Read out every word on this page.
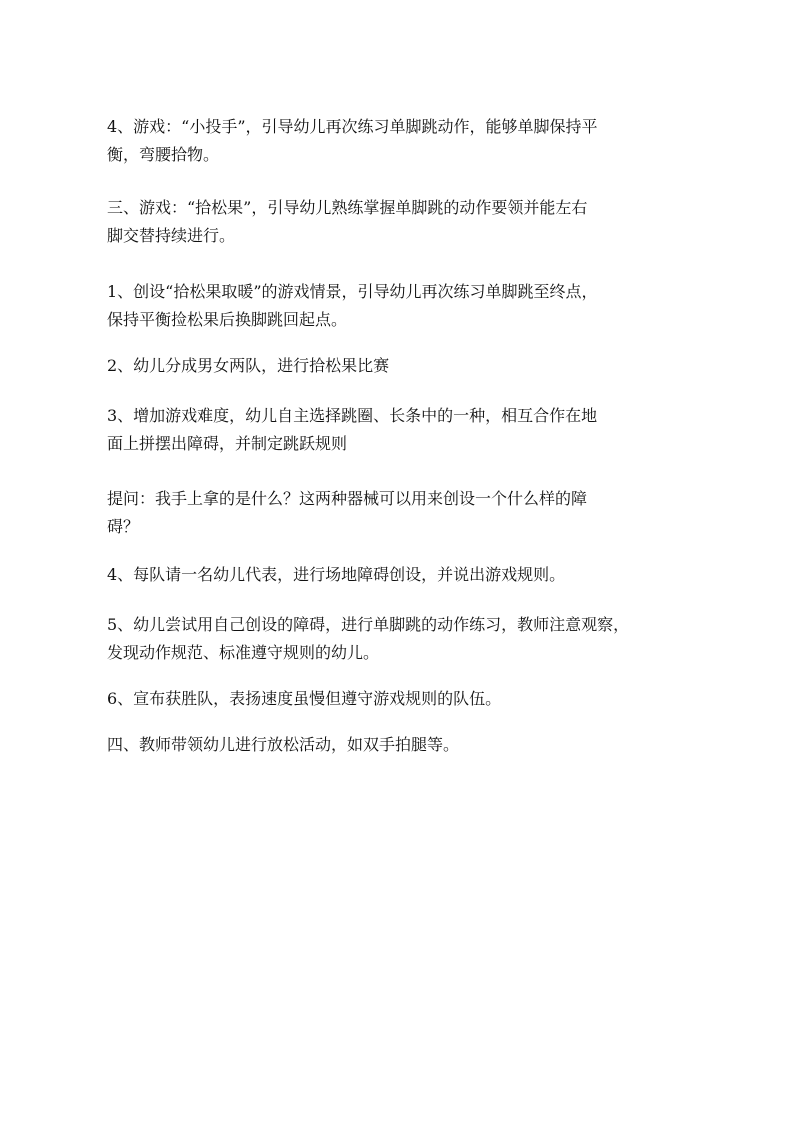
4、游戏：“小投手”，引导幼儿再次练习单脚跳动作，能够单脚保持平
衡，弯腰拾物。

三、游戏：“拾松果”，引导幼儿熟练掌握单脚跳的动作要领并能左右
脚交替持续进行。

1、创设“拾松果取暖”的游戏情景，引导幼儿再次练习单脚跳至终点，
保持平衡捡松果后换脚跳回起点。

2、幼儿分成男女两队，进行拾松果比赛

3、增加游戏难度，幼儿自主选择跳圈、长条中的一种，相互合作在地
面上拼摆出障碍，并制定跳跃规则

提问：我手上拿的是什么？这两种器械可以用来创设一个什么样的障
碍？

4、每队请一名幼儿代表，进行场地障碍创设，并说出游戏规则。

5、幼儿尝试用自己创设的障碍，进行单脚跳的动作练习，教师注意观察，
发现动作规范、标准遵守规则的幼儿。

6、宣布获胜队，表扬速度虽慢但遵守游戏规则的队伍。

四、教师带领幼儿进行放松活动，如双手拍腿等。
